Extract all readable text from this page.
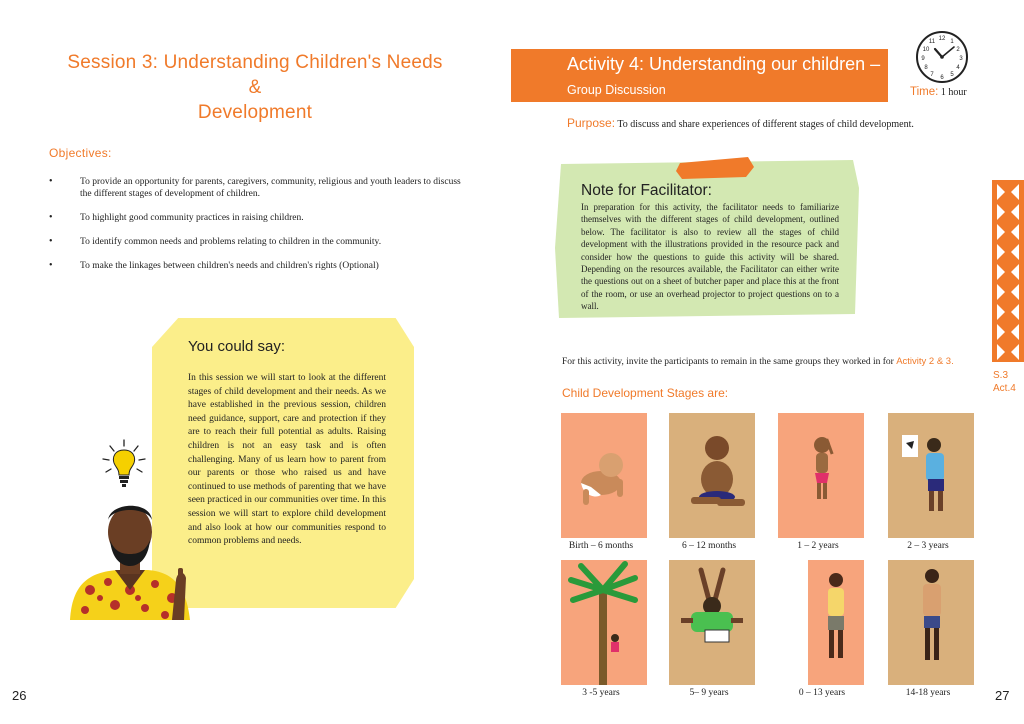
Session 3: Understanding Children's Needs &
Development
Objectives:
• To provide an opportunity for parents, caregivers, community, religious and youth leaders to discuss the different stages of development of children.
• To highlight good community practices in raising children.
• To identify common needs and problems relating to children in the community.
• To make the linkages between children's needs and children's rights (Optional)
You could say:
In this session we will start to look at the different stages of child development and their needs. As we have established in the previous session, children need guidance, support, care and protection if they are to reach their full potential as adults. Raising children is not an easy task and is often challenging. Many of us learn how to parent from our parents or those who raised us and have continued to use methods of parenting that we have seen practiced in our communities over time. In this session we will start to explore child development and also look at how our communities respond to common problems and needs.
26
Activity 4: Understanding our children –
Group Discussion
12 1
2
3
4
5
6
7
8
9
10
11
Time: 1 hour
Purpose: To discuss and share experiences of different stages of child development.
Note for Facilitator:
In preparation for this activity, the facilitator needs to familiarize themselves with the different stages of child development, outlined below. The facilitator is also to review all the stages of child development with the illustrations provided in the resource pack and consider how the questions to guide this activity will be shared. Depending on the resources available, the Facilitator can either write the questions out on a sheet of butcher paper and place this at the front of the room, or use an overhead projector to project questions on to a wall.
For this activity, invite the participants to remain in the same groups they worked in for Activity 2 & 3.
Child Development Stages are:
Birth – 6 months	6 – 12 months	1 – 2 years	2 – 3 years
3 -5 years	5– 9 years	0 – 13 years	14-18 years
S.3
Act.4
27
